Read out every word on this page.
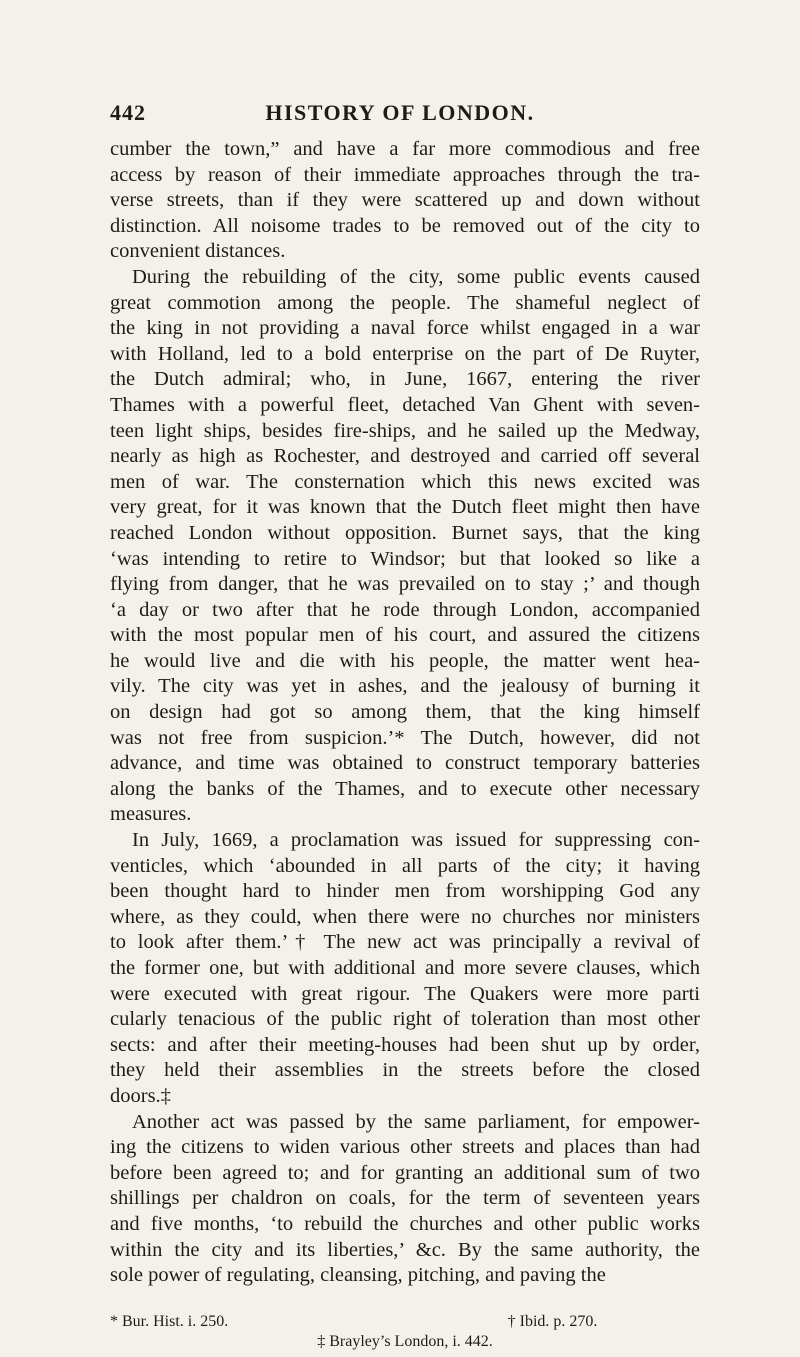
442	HISTORY OF LONDON.

cumber the town,” and have a far more commodious and free
access by reason of their immediate approaches through the tra-
verse streets, than if they were scattered up and down without
distinction. All noisome trades to be removed out of the city to
convenient distances.

During the rebuilding of the city, some public events caused
great commotion among the people. The shameful neglect of
the king in not providing a naval force whilst engaged in a war
with Holland, led to a bold enterprise on the part of De Ruyter,
the Dutch admiral; who, in June, 1667, entering the river
Thames with a powerful fleet, detached Van Ghent with seven-
teen light ships, besides fire-ships, and he sailed up the Medway,
nearly as high as Rochester, and destroyed and carried off several
men of war. The consternation which this news excited was
very great, for it was known that the Dutch fleet might then have
reached London without opposition. Burnet says, that the king
‘was intending to retire to Windsor; but that looked so like a
flying from danger, that he was prevailed on to stay ;’ and though
‘a day or two after that he rode through London, accompanied
with the most popular men of his court, and assured the citizens
he would live and die with his people, the matter went hea-
vily. The city was yet in ashes, and the jealousy of burning it
on design had got so among them, that the king himself
was not free from suspicion.’* The Dutch, however, did not
advance, and time was obtained to construct temporary batteries
along the banks of the Thames, and to execute other necessary
measures.

In July, 1669, a proclamation was issued for suppressing con-
venticles, which ‘abounded in all parts of the city; it having
been thought hard to hinder men from worshipping God any
where, as they could, when there were no churches nor ministers
to look after them.’† The new act was principally a revival of
the former one, but with additional and more severe clauses, which
were executed with great rigour. The Quakers were more parti
cularly tenacious of the public right of toleration than most other
sects: and after their meeting-houses had been shut up by order,
they held their assemblies in the streets before the closed
doors.‡

Another act was passed by the same parliament, for empower-
ing the citizens to widen various other streets and places than had
before been agreed to; and for granting an additional sum of two
shillings per chaldron on coals, for the term of seventeen years
and five months, ‘to rebuild the churches and other public works
within the city and its liberties,’ &c. By the same authority, the
sole power of regulating, cleansing, pitching, and paving the

* Bur. Hist. i. 250.	† Ibid. p. 270.
‡ Brayley’s London, i. 442.
